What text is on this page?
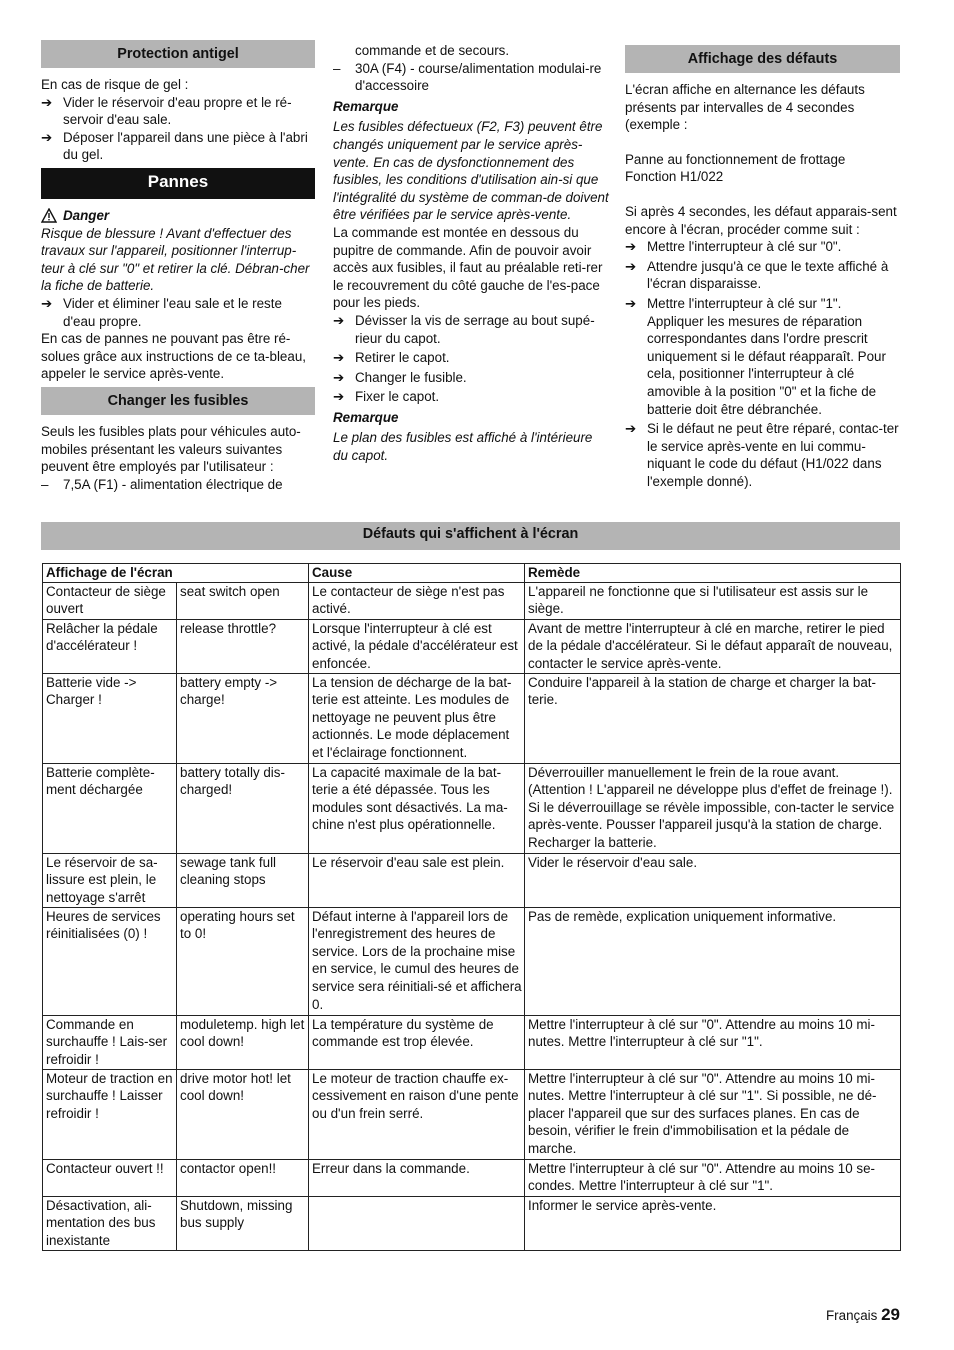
Protection antigel

En cas de risque de gel :

➔ Vider le réservoir d'eau propre et le ré-servoir d'eau sale.
➔ Déposer l'appareil dans une pièce à l'abri du gel.
Pannes
Danger

Risque de blessure ! Avant d'effectuer des travaux sur l'appareil, positionner l'interrup-teur à clé sur "0" et retirer la clé. Débran-cher la fiche de batterie.

➔ Vider et éliminer l'eau sale et le reste d'eau propre.

En cas de pannes ne pouvant pas être ré-solues grâce aux instructions de ce ta-bleau, appeler le service après-vente.

Changer les fusibles

Seuls les fusibles plats pour véhicules auto-mobiles présentant les valeurs suivantes peuvent être employés par l'utilisateur :

–	7,5A (F1) - alimentation électrique de

commande et de secours.

–	30A (F4) - course/alimentation modulai-re d'accessoire

Remarque

Les fusibles défectueux (F2, F3) peuvent être changés uniquement par le service après-vente. En cas de dysfonctionnement des fusibles, les conditions d'utilisation ain-si que l'intégralité du système de comman-de doivent être vérifiées par le service après-vente.

La commande est montée en dessous du pupitre de commande. Afin de pouvoir avoir accès aux fusibles, il faut au préalable reti-rer le recouvrement du côté gauche de l'es-pace pour les pieds.

➔ Dévisser la vis de serrage au bout supé-rieur du capot.
➔ Retirer le capot.
➔ Changer le fusible.
➔ Fixer le capot.

Remarque

Le plan des fusibles est affiché à l'intérieure du capot.

Affichage des défauts

L'écran affiche en alternance les défauts présents par intervalles de 4 secondes (exemple :

Panne au fonctionnement de frottage Fonction H1/022

Si après 4 secondes, les défaut apparais-sent encore à l'écran, procéder comme suit :

➔ Mettre l'interrupteur à clé sur "0".
➔ Attendre jusqu'à ce que le texte affiché à l'écran disparaisse.
➔ Mettre l'interrupteur à clé sur "1".

Appliquer les mesures de réparation correspondantes dans l'ordre prescrit uniquement si le défaut réapparaît. Pour cela, positionner l'interrupteur à clé amovible à la position "0" et la fiche de batterie doit être débranchée.

➔ Si le défaut ne peut être réparé, contac-ter le service après-vente en lui commu-niquant le code du défaut (H1/022 dans l'exemple donné).
Défauts qui s'affichent à l'écran
Affichage de l'écran		Cause	Remède
Contacteur de siège ouvert	seat switch open	Le contacteur de siège n'est pas activé.	L'appareil ne fonctionne que si l'utilisateur est assis sur le siège.
Relâcher la pédale d'accélérateur !	release throttle?	Lorsque l'interrupteur à clé est activé, la pédale d'accélérateur est enfoncée.	Avant de mettre l'interrupteur à clé en marche, retirer le pied de la pédale d'accélérateur. Si le défaut apparaît de nouveau, contacter le service après-vente.
Batterie vide -> Charger !	battery empty -> charge!	La tension de décharge de la bat-terie est atteinte. Les modules de nettoyage ne peuvent plus être actionnés. Le mode déplacement et l'éclairage fonctionnent.	Conduire l'appareil à la station de charge et charger la bat-terie.
Batterie complète-ment déchargée	battery totally dis-charged!	La capacité maximale de la bat-terie a été dépassée. Tous les modules sont désactivés. La ma-chine n'est plus opérationnelle.	Déverrouiller manuellement le frein de la roue avant. (Attention ! L'appareil ne développe plus d'effet de freinage !). Si le déverrouillage se révèle impossible, con-tacter le service après-vente. Pousser l'appareil jusqu'à la station de charge. Recharger la batterie.
Le réservoir de sa-lissure est plein, le nettoyage s'arrêt	sewage tank full cleaning stops	Le réservoir d'eau sale est plein.	Vider le réservoir d'eau sale.
Heures de services réinitialisées (0) !	operating hours set to 0!	Défaut interne à l'appareil lors de l'enregistrement des heures de service. Lors de la prochaine mise en service, le cumul des heures de service sera réinitiali-sé et affichera 0.	Pas de remède, explication uniquement informative.
Commande en surchauffe ! Lais-ser refroidir !	moduletemp. high let cool down!	La température du système de commande est trop élevée.	Mettre l'interrupteur à clé sur "0". Attendre au moins 10 mi-nutes. Mettre l'interrupteur à clé sur "1".
Moteur de traction en surchauffe ! Laisser refroidir !	drive motor hot! let cool down!	Le moteur de traction chauffe ex-cessivement en raison d'une pente ou d'un frein serré.	Mettre l'interrupteur à clé sur "0". Attendre au moins 10 mi-nutes. Mettre l'interrupteur à clé sur "1". Si possible, ne dé-placer l'appareil que sur des surfaces planes. En cas de besoin, vérifier le frein d'immobilisation et la pédale de marche.
Contacteur ouvert !!	contactor open!!	Erreur dans la commande.	Mettre l'interrupteur à clé sur "0". Attendre au moins 10 se-condes. Mettre l'interrupteur à clé sur "1".
Désactivation, ali-mentation des bus inexistante	Shutdown, missing bus supply		Informer le service après-vente.
Français 29
